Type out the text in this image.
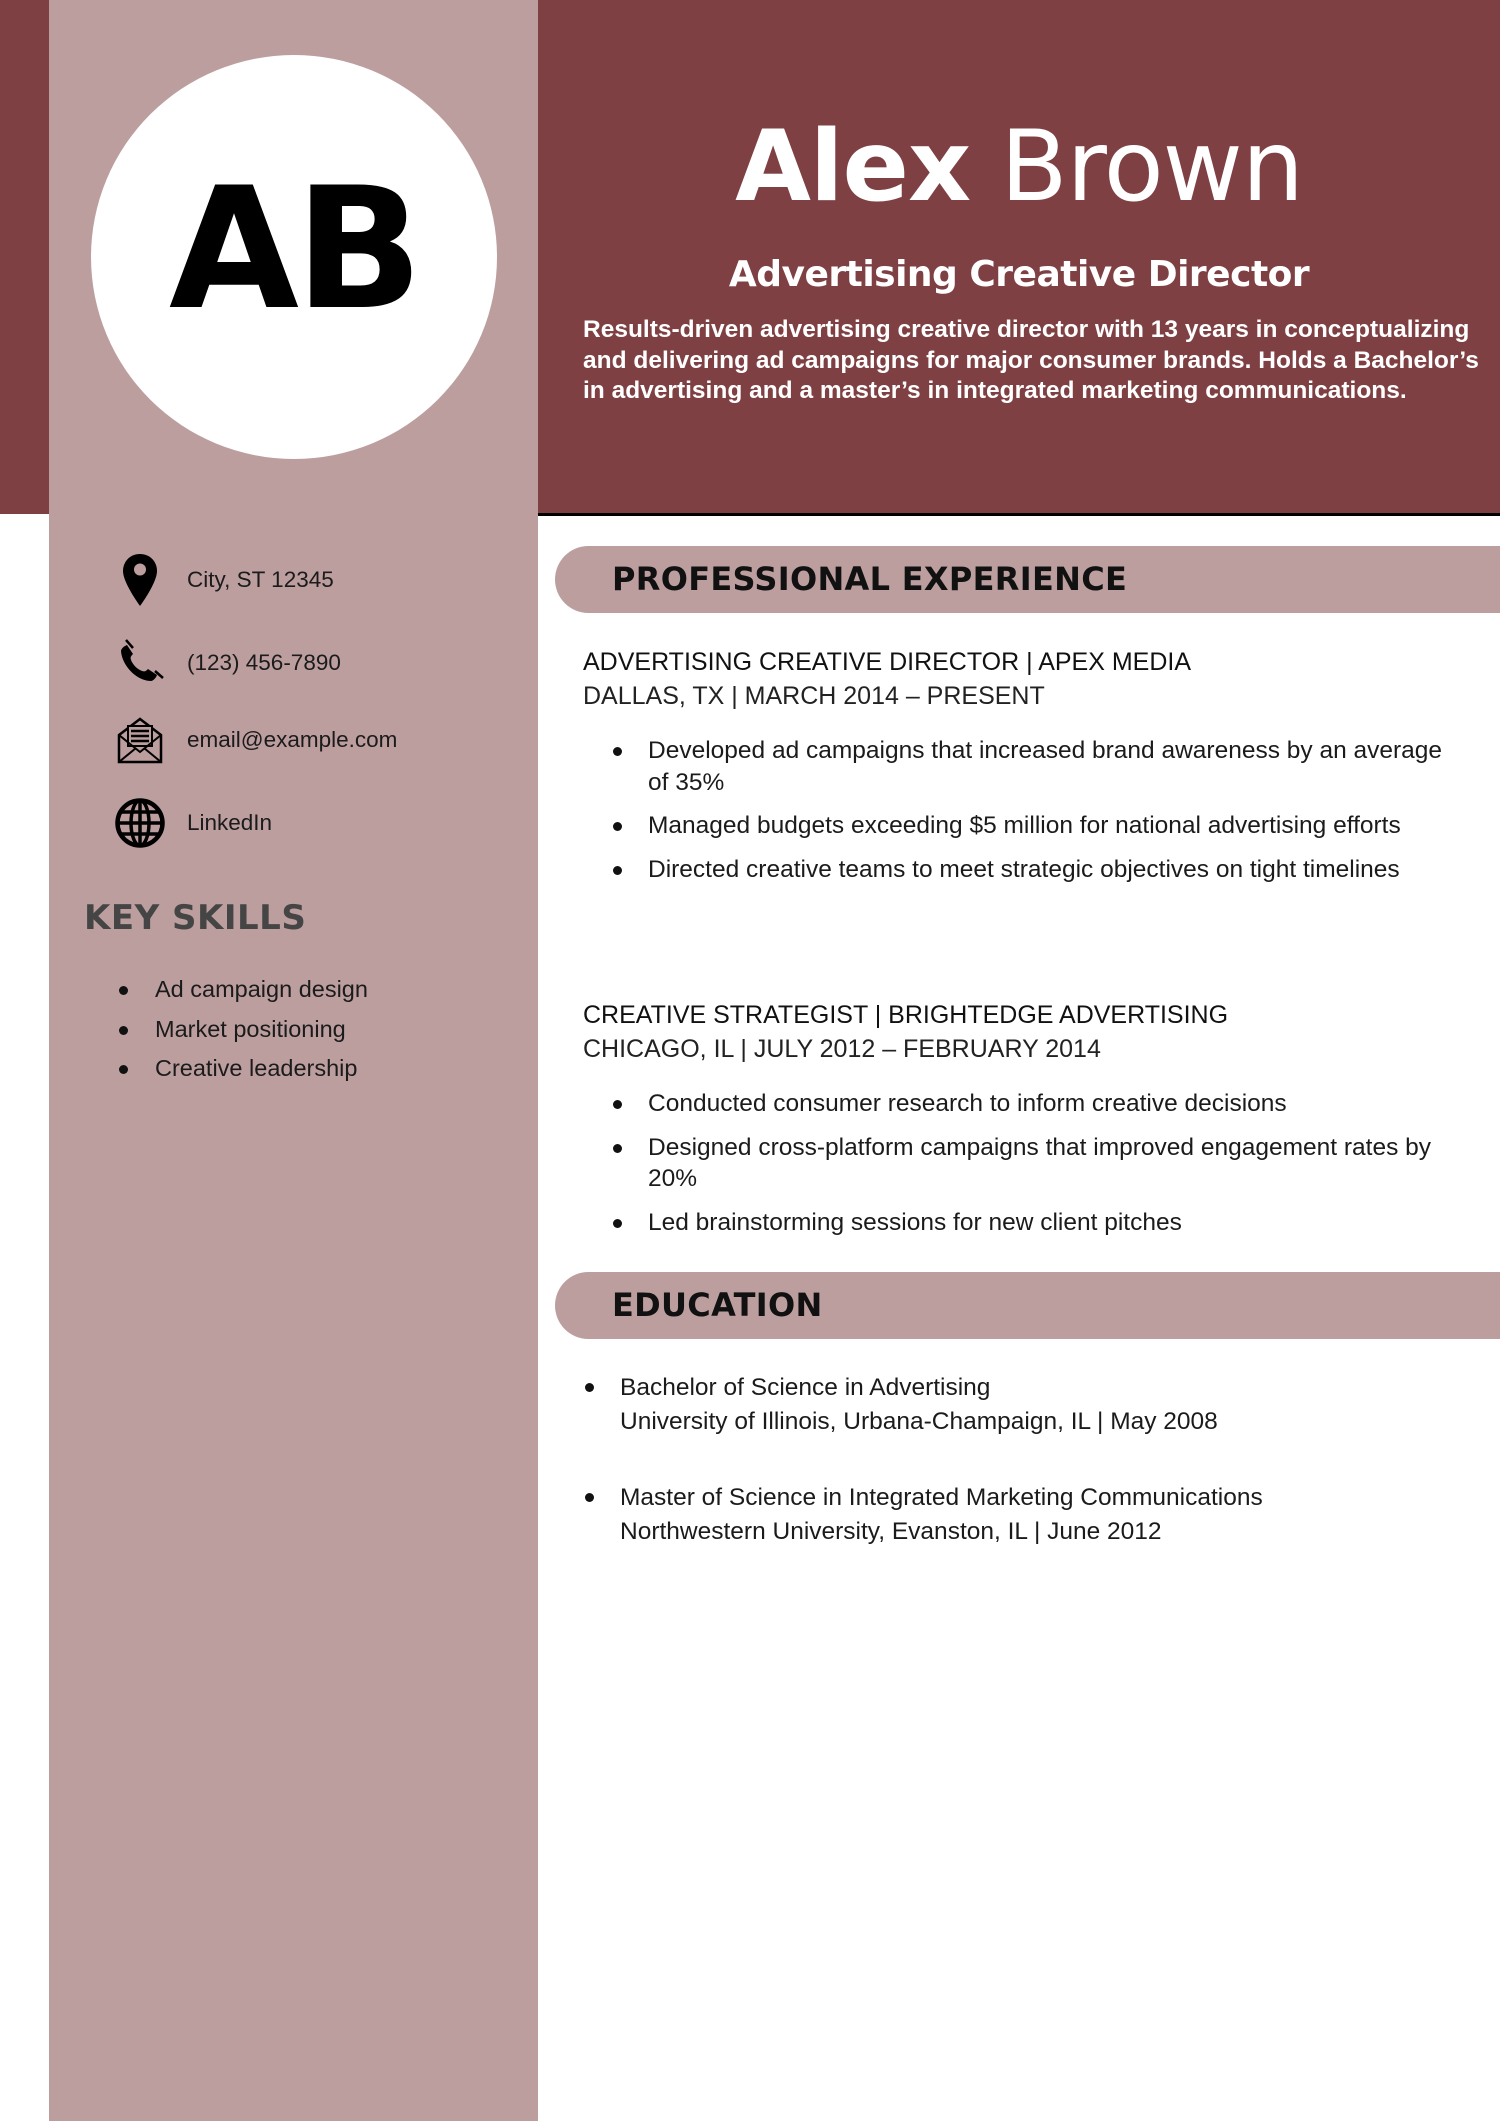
AB	Alex Brown
Advertising Creative Director
Results-driven advertising creative director with 13 years in conceptualizing and delivering ad campaigns for major consumer brands. Holds a Bachelor’s in advertising and a master’s in integrated marketing communications.
City, ST 12345
(123) 456-7890
email@example.com
LinkedIn
KEY SKILLS
Ad campaign design
Market positioning
Creative leadership
PROFESSIONAL EXPERIENCE
ADVERTISING CREATIVE DIRECTOR | APEX MEDIA
DALLAS, TX | MARCH 2014 – PRESENT
Developed ad campaigns that increased brand awareness by an average of 35%
Managed budgets exceeding $5 million for national advertising efforts
Directed creative teams to meet strategic objectives on tight timelines
CREATIVE STRATEGIST | BRIGHTEDGE ADVERTISING
CHICAGO, IL | JULY 2012 – FEBRUARY 2014
Conducted consumer research to inform creative decisions
Designed cross-platform campaigns that improved engagement rates by 20%
Led brainstorming sessions for new client pitches
EDUCATION
Bachelor of Science in Advertising
University of Illinois, Urbana-Champaign, IL | May 2008
Master of Science in Integrated Marketing Communications
Northwestern University, Evanston, IL | June 2012
